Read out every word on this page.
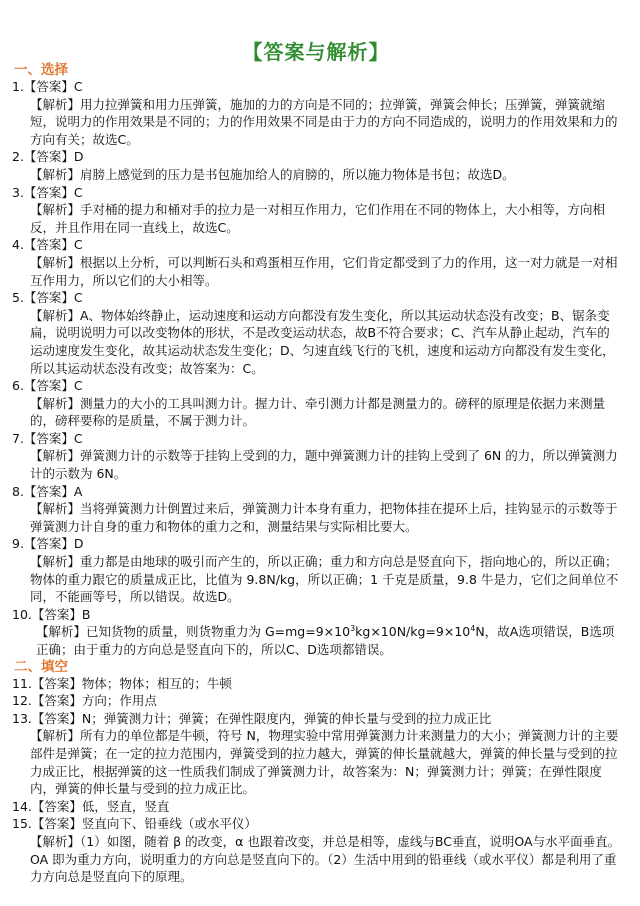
【答案与解析】

一、选择

1.【答案】C

【解析】用力拉弹簧和用力压弹簧，施加的力的方向是不同的；拉弹簧，弹簧会伸长；压弹簧，弹簧就缩短，说明力的作用效果是不同的；力的作用效果不同是由于力的方向不同造成的，说明力的作用效果和力的方向有关；故选C。

2.【答案】D

【解析】肩膀上感觉到的压力是书包施加给人的肩膀的，所以施力物体是书包；故选D。

3.【答案】C

【解析】手对桶的提力和桶对手的拉力是一对相互作用力，它们作用在不同的物体上，大小相等，方向相反，并且作用在同一直线上，故选C。

4.【答案】C

【解析】根据以上分析，可以判断石头和鸡蛋相互作用，它们肯定都受到了力的作用，这一对力就是一对相互作用力，所以它们的大小相等。

5.【答案】C

【解析】A、物体始终静止，运动速度和运动方向都没有发生变化，所以其运动状态没有改变；B、锯条变扁，说明说明力可以改变物体的形状，不是改变运动状态，故B不符合要求；C、汽车从静止起动，汽车的运动速度发生变化，故其运动状态发生变化；D、匀速直线飞行的飞机，速度和运动方向都没有发生变化，所以其运动状态没有改变；故答案为：C。

6.【答案】C

【解析】测量力的大小的工具叫测力计。握力计、牵引测力计都是测量力的。磅秤的原理是依据力来测量的，磅秤要称的是质量，不属于测力计。

7.【答案】C

【解析】弹簧测力计的示数等于挂钩上受到的力，题中弹簧测力计的挂钩上受到了 6N 的力，所以弹簧测力计的示数为 6N。

8.【答案】A

【解析】当将弹簧测力计倒置过来后，弹簧测力计本身有重力，把物体挂在提环上后，挂钩显示的示数等于弹簧测力计自身的重力和物体的重力之和，测量结果与实际相比要大。

9.【答案】D

【解析】重力都是由地球的吸引而产生的，所以正确；重力和方向总是竖直向下，指向地心的，所以正确；物体的重力跟它的质量成正比，比值为 9.8N/kg，所以正确；1 千克是质量，9.8 牛是力，它们之间单位不同，不能画等号，所以错误。故选D。

10.【答案】B

【解析】已知货物的质量，则货物重力为 $G=mg=9\times 10^3kg\times 10N/kg=9\times 10^4N$，故A选项错误，B选项正确；由于重力的方向总是竖直向下的，所以C、D选项都错误。

二、填空

11.【答案】物体；物体；相互的；牛顿

12.【答案】方向；作用点

13.【答案】N；弹簧测力计；弹簧；在弹性限度内，弹簧的伸长量与受到的拉力成正比

【解析】所有力的单位都是牛顿，符号 N，物理实验中常用弹簧测力计来测量力的大小；弹簧测力计的主要部件是弹簧；在一定的拉力范围内，弹簧受到的拉力越大，弹簧的伸长量就越大，弹簧的伸长量与受到的拉力成正比，根据弹簧的这一性质我们制成了弹簧测力计，故答案为：N；弹簧测力计；弹簧；在弹性限度内，弹簧的伸长量与受到的拉力成正比。

14.【答案】低，竖直，竖直

15.【答案】竖直向下、铅垂线（或水平仪）

【解析】（1）如图，随着 β 的改变，α 也跟着改变，并总是相等，虚线与BC垂直，说明OA与水平面垂直。OA 即为重力方向，说明重力的方向总是竖直向下的。（2）生活中用到的铅垂线（或水平仪）都是利用了重力方向总是竖直向下的原理。
